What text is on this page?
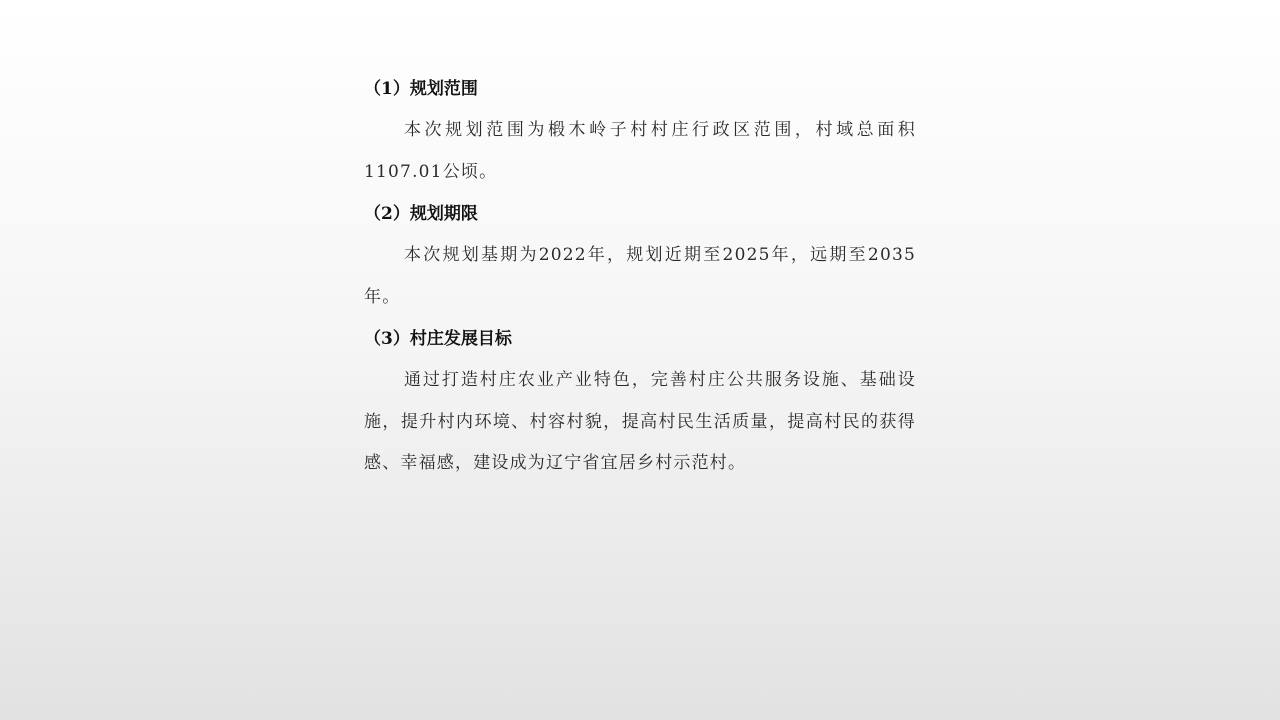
（1）规划范围

本次规划范围为椴木岭子村村庄行政区范围，村域总面积1107.01公顷。

（2）规划期限

本次规划基期为2022年，规划近期至2025年，远期至2035年。

（3）村庄发展目标

通过打造村庄农业产业特色，完善村庄公共服务设施、基础设施，提升村内环境、村容村貌，提高村民生活质量，提高村民的获得感、幸福感，建设成为辽宁省宜居乡村示范村。
